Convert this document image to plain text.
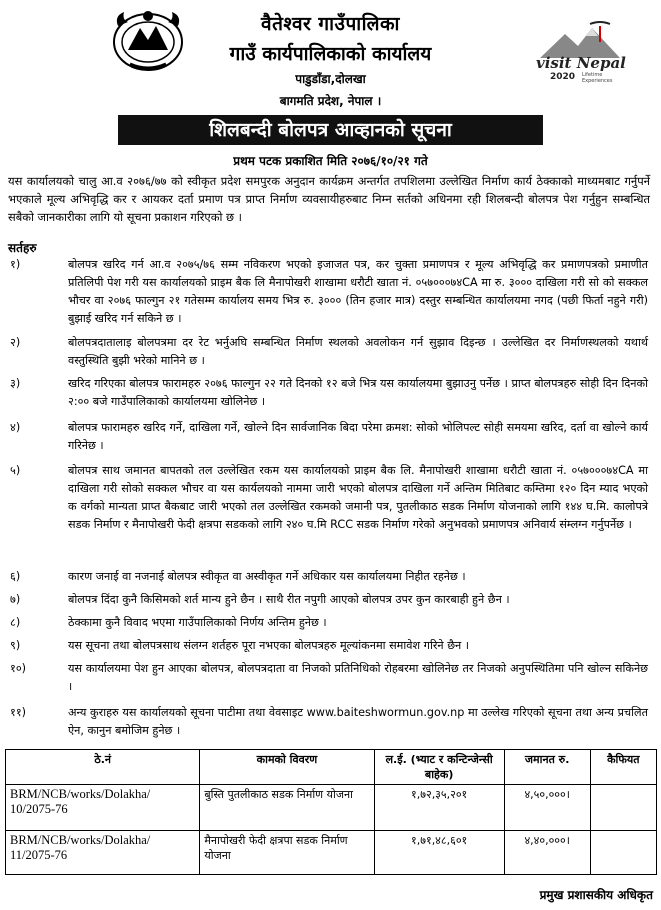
वैतेश्वर गाउँपालिका
गाउँ कार्यपालिकाको कार्यालय
पाडुडाँडा,दोलखा
बागमति प्रदेश, नेपाल ।
visit Nepal
2020 Lifetime Experiences
शिलबन्दी बोलपत्र आव्हानको सूचना
प्रथम पटक प्रकाशित मिति २०७६/१०/२१ गते
यस कार्यालयको चालु आ.व २०७६/७७ को स्वीकृत प्रदेश समपुरक अनुदान कार्यक्रम अन्तर्गत तपशिलमा उल्लेखित निर्माण कार्य ठेक्काको माध्यमबाट गर्नुपर्ने भएकाले मूल्य अभिवृद्धि कर र आयकर दर्ता प्रमाण पत्र प्राप्त निर्माण व्यवसायीहरुबाट निम्न सर्तको अधिनमा रही शिलबन्दी बोलपत्र पेश गर्नुहुन सम्बन्धित सबैको जानकारीका लागि यो सूचना प्रकाशन गरिएको छ ।
सर्तहरु
१)	बोलपत्र खरिद गर्न आ.व २०७५/७६ सम्म नविकरण भएको इजाजत पत्र, कर चुक्ता प्रमाणपत्र र मूल्य अभिवृद्धि कर प्रमाणपत्रको प्रमाणीत प्रतिलिपी पेश गरी यस कार्यालयको प्राइम बैक लि मैनापोखरी शाखामा धरौटी खाता नं. ०५७०००७४CA मा रु. ३००० दाखिला गरी सो को सक्कल भौचर वा २०७६ फाल्गुन २१ गतेसम्म कार्यालय समय भित्र रु. ३००० (तिन हजार मात्र) दस्तुर सम्बन्धित कार्यालयमा नगद (पछी फिर्ता नहुने गरी) बुझाई खरिद गर्न सकिने छ ।
२)	बोलपत्रदातालाइ बोलपत्रमा दर रेट भर्नुअघि सम्बन्धित निर्माण स्थलको अवलोकन गर्न सुझाव दिइन्छ । उल्लेखित दर निर्माणस्थलको यथार्थ वस्तुस्थिति बुझी भरेको मानिने छ ।
३)	खरिद गरिएका बोलपत्र फारामहरु २०७६ फाल्गुन २२ गते दिनको १२ बजे भित्र यस कार्यालयमा बुझाउनु पर्नेछ । प्राप्त बोलपत्रहरु सोही दिन दिनको २:०० बजे गाउँपालिकाको कार्यालयमा खोलिनेछ ।
४)	बोलपत्र फारामहरु खरिद गर्ने, दाखिला गर्ने, खोल्ने दिन सार्वजानिक बिदा परेमा क्रमश: सोको भोलिपल्ट सोही समयमा खरिद, दर्ता वा खोल्ने कार्य गरिनेछ ।
५)	बोलपत्र साथ जमानत बापतको तल उल्लेखित रकम यस कार्यालयको प्राइम बैक लि. मैनापोखरी शाखामा धरौटी खाता नं. ०५७०००७४CA मा दाखिला गरी सोको सक्कल भौचर वा यस कार्यलयको नाममा जारी भएको बोलपत्र दाखिला गर्ने अन्तिम मितिबाट कम्तिमा १२० दिन म्याद भएको क वर्गको मान्यता प्राप्त बैकबाट जारी भएको तल उल्लेखित रकमको जमानी पत्र, पुतलीकाठ सडक निर्माण योजनाको लागि १४४ घ.मि. कालोपत्रे सडक निर्माण र मैनापोखरी फेदी क्षत्रपा सडकको लागि २४० घ.मि RCC सडक निर्माण गरेको अनुभवको प्रमाणपत्र अनिवार्य संम्लग्न गर्नुपर्नेछ ।
६)	कारण जनाई वा नजनाई बोलपत्र स्वीकृत वा अस्वीकृत गर्ने अधिकार यस कार्यालयमा निहीत रहनेछ ।
७)	बोलपत्र दिंदा कुनै किसिमको शर्त मान्य हुने छैन । साथै रीत नपुगी आएको बोलपत्र उपर कुन कारबाही हुने छैन ।
८)	ठेक्कामा कुनै विवाद भएमा गाउँपालिकाको निर्णय अन्तिम हुनेछ ।
९)	यस सूचना तथा बोलपत्रसाथ संलग्न शर्तहरु पूरा नभएका बोलपत्रहरु मूल्यांकनमा समावेश गरिने छैन ।
१०)	यस कार्यालयमा पेश हुन आएका बोलपत्र, बोलपत्रदाता वा निजको प्रतिनिधिको रोहबरमा खोलिनेछ तर निजको अनुपस्थितिमा पनि खोल्न सकिनेछ ।
११)	अन्य कुराहरु यस कार्यालयको सूचना पाटीमा तथा वेवसाइट www.baiteshwormun.gov.np मा उल्लेख गरिएको सूचना तथा अन्य प्रचलित ऐन, कानुन बमोजिम हुनेछ ।
ठे.नं	कामको विवरण	ल.ई. (भ्याट र कन्टिन्जेन्सी बाहेक)	जमानत रु.	कैफियत
BRM/NCB/works/Dolakha/ 10/2075-76	बुस्ति पुतलीकाठ सडक निर्माण योजना	१,७२,३५,२०१	४,५०,०००।	
BRM/NCB/works/Dolakha/ 11/2075-76	मैनापोखरी फेदी क्षत्रपा सडक निर्माण योजना	१,७१,४८,६०१	४,४०,०००।	
प्रमुख प्रशासकीय अधिकृत
